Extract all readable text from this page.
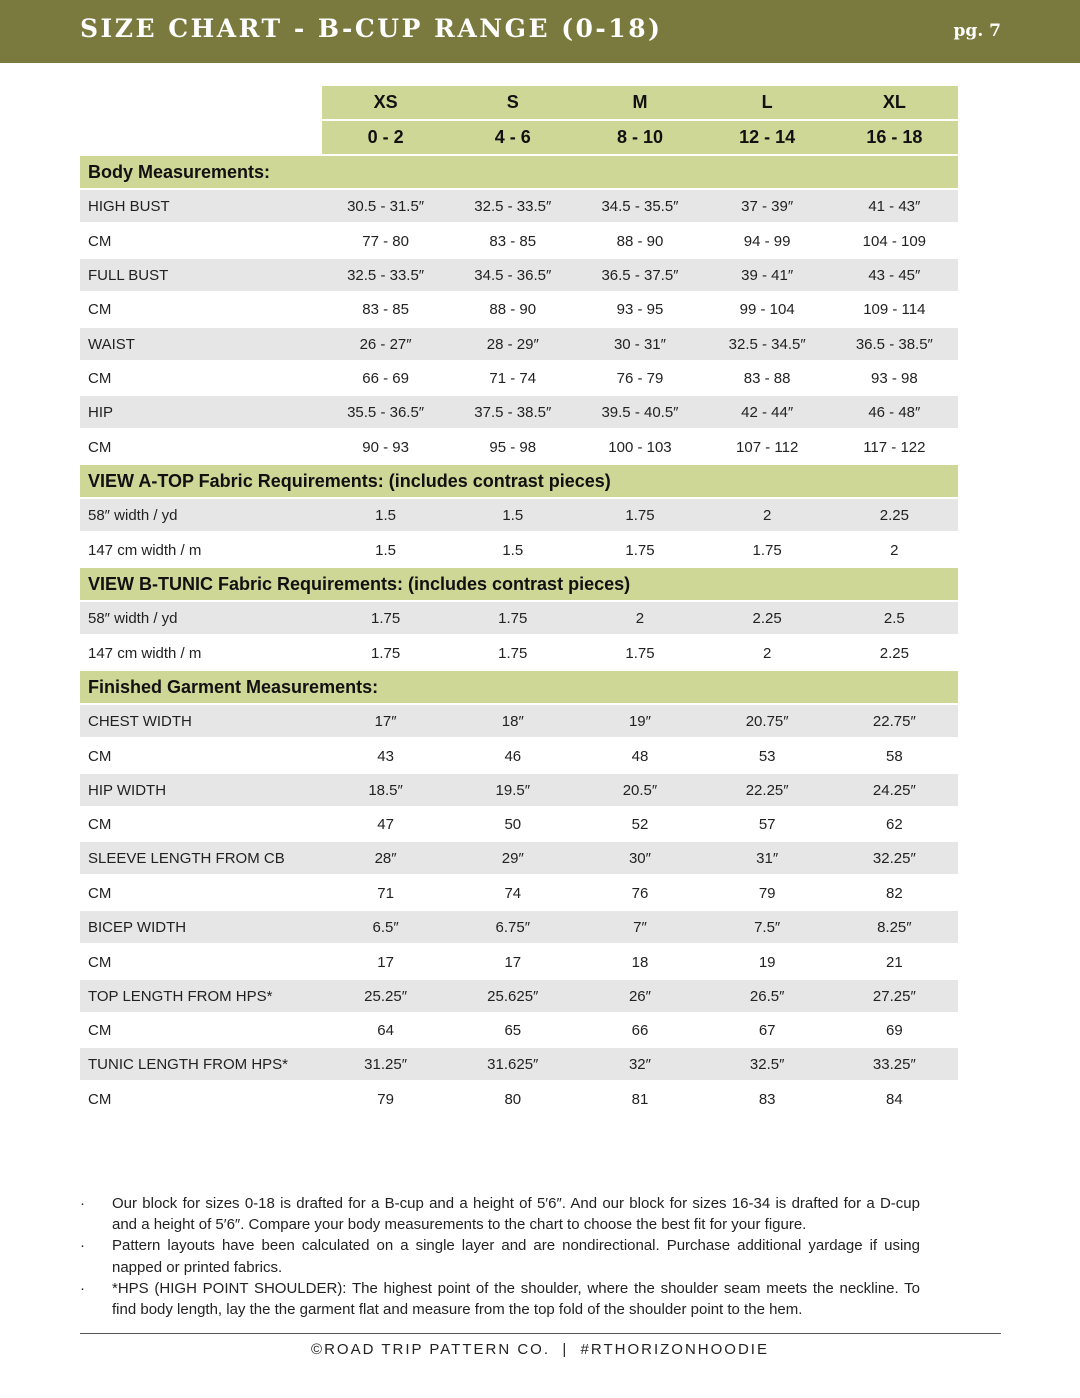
SIZE CHART - B-CUP RANGE (0-18)	pg. 7
XS	S	M	L	XL
0 - 2	4 - 6	8 - 10	12 - 14	16 - 18
Body Measurements:
HIGH BUST	30.5 - 31.5″	32.5 - 33.5″	34.5 - 35.5″	37 - 39″	41 - 43″
CM	77 - 80	83 - 85	88 - 90	94 - 99	104 - 109
FULL BUST	32.5 - 33.5″	34.5 - 36.5″	36.5 - 37.5″	39 - 41″	43 - 45″
CM	83 - 85	88 - 90	93 - 95	99 - 104	109 - 114
WAIST	26 - 27″	28 - 29″	30 - 31″	32.5 - 34.5″	36.5 - 38.5″
CM	66 - 69	71 - 74	76 - 79	83 - 88	93 - 98
HIP	35.5 - 36.5″	37.5 - 38.5″	39.5 - 40.5″	42 - 44″	46 - 48″
CM	90 - 93	95 - 98	100 - 103	107 - 112	117 - 122
VIEW A-TOP Fabric Requirements: (includes contrast pieces)
58″ width / yd	1.5	1.5	1.75	2	2.25
147 cm width / m	1.5	1.5	1.75	1.75	2
VIEW B-TUNIC Fabric Requirements: (includes contrast pieces)
58″ width / yd	1.75	1.75	2	2.25	2.5
147 cm width / m	1.75	1.75	1.75	2	2.25
Finished Garment Measurements:
CHEST WIDTH	17″	18″	19″	20.75″	22.75″
CM	43	46	48	53	58
HIP WIDTH	18.5″	19.5″	20.5″	22.25″	24.25″
CM	47	50	52	57	62
SLEEVE LENGTH FROM CB	28″	29″	30″	31″	32.25″
CM	71	74	76	79	82
BICEP WIDTH	6.5″	6.75″	7″	7.5″	8.25″
CM	17	17	18	19	21
TOP LENGTH FROM HPS*	25.25″	25.625″	26″	26.5″	27.25″
CM	64	65	66	67	69
TUNIC LENGTH FROM HPS*	31.25″	31.625″	32″	32.5″	33.25″
CM	79	80	81	83	84
·	Our block for sizes 0-18 is drafted for a B-cup and a height of 5′6″. And our block for sizes 16-34 is drafted for a D-cup and a height of 5′6″. Compare your body measurements to the chart to choose the best fit for your figure.
·	Pattern layouts have been calculated on a single layer and are nondirectional. Purchase additional yardage if using napped or printed fabrics.
·	*HPS (HIGH POINT SHOULDER): The highest point of the shoulder, where the shoulder seam meets the neckline. To find body length, lay the the garment flat and measure from the top fold of the shoulder point to the hem.
©ROAD TRIP PATTERN CO.  |  #RTHORIZONHOODIE
